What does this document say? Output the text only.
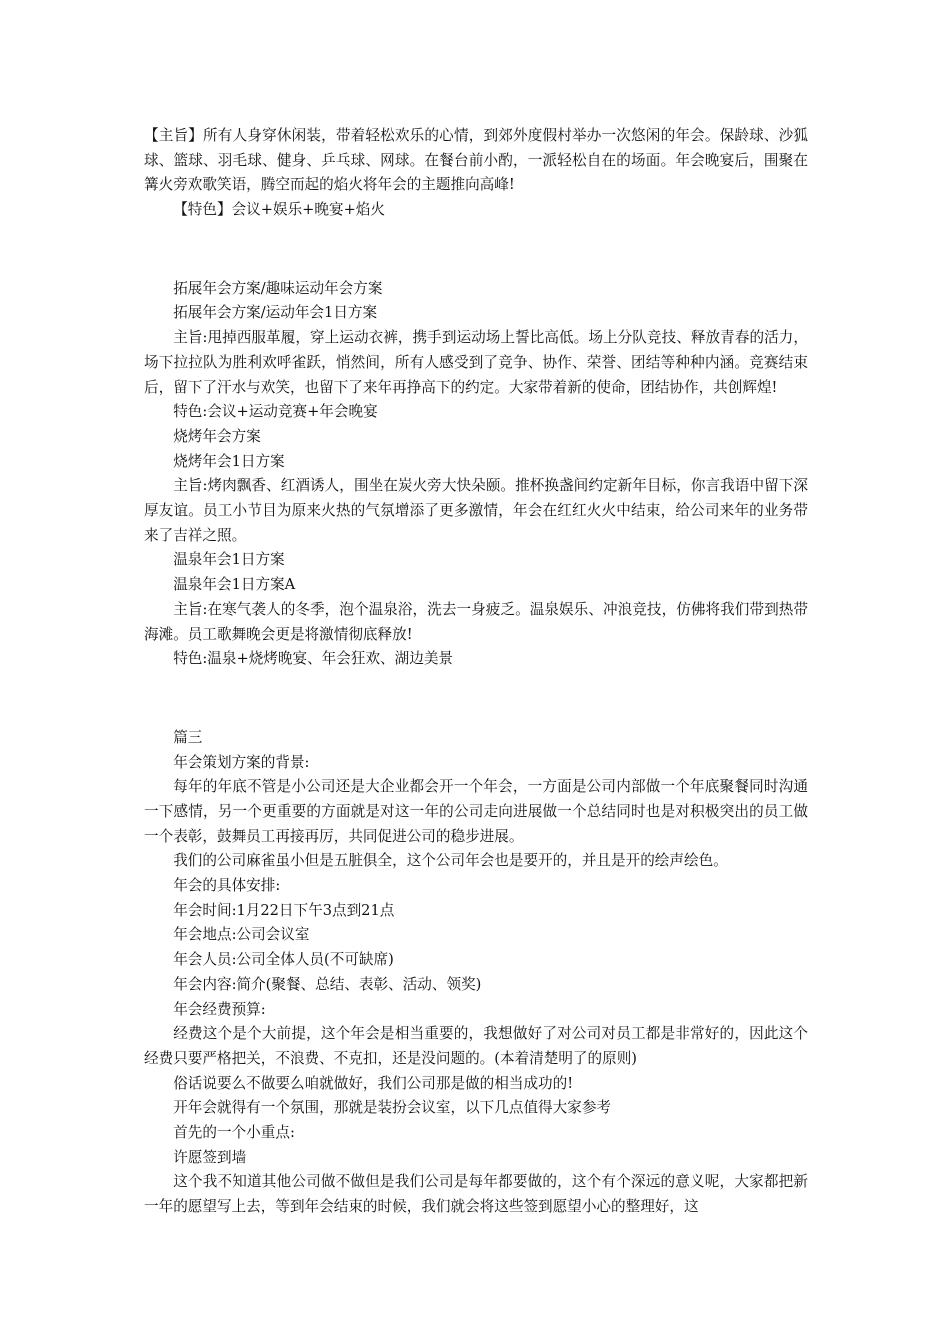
【主旨】所有人身穿休闲装，带着轻松欢乐的心情，到郊外度假村举办一次悠闲的年会。保龄球、沙狐球、篮球、羽毛球、健身、乒乓球、网球。在餐台前小酌，一派轻松自在的场面。年会晚宴后，围聚在篝火旁欢歌笑语，腾空而起的焰火将年会的主题推向高峰!

【特色】会议+娱乐+晚宴+焰火

拓展年会方案/趣味运动年会方案

拓展年会方案/运动年会1日方案

主旨:甩掉西服革履，穿上运动衣裤，携手到运动场上誓比高低。场上分队竞技、释放青春的活力，场下拉拉队为胜利欢呼雀跃，悄然间，所有人感受到了竞争、协作、荣誉、团结等种种内涵。竞赛结束后，留下了汗水与欢笑，也留下了来年再挣高下的约定。大家带着新的使命，团结协作，共创辉煌!

特色:会议+运动竞赛+年会晚宴

烧烤年会方案

烧烤年会1日方案

主旨:烤肉飘香、红酒诱人，围坐在炭火旁大快朵颐。推杯换盏间约定新年目标，你言我语中留下深厚友谊。员工小节目为原来火热的气氛增添了更多激情，年会在红红火火中结束，给公司来年的业务带来了吉祥之照。

温泉年会1日方案

温泉年会1日方案A

主旨:在寒气袭人的冬季，泡个温泉浴，洗去一身疲乏。温泉娱乐、冲浪竞技，仿佛将我们带到热带海滩。员工歌舞晚会更是将激情彻底释放!

特色:温泉+烧烤晚宴、年会狂欢、湖边美景

篇三

年会策划方案的背景:

每年的年底不管是小公司还是大企业都会开一个年会，一方面是公司内部做一个年底聚餐同时沟通一下感情，另一个更重要的方面就是对这一年的公司走向进展做一个总结同时也是对积极突出的员工做一个表彰，鼓舞员工再接再厉，共同促进公司的稳步进展。

我们的公司麻雀虽小但是五脏俱全，这个公司年会也是要开的，并且是开的绘声绘色。

年会的具体安排:

年会时间:1月22日下午3点到21点

年会地点:公司会议室

年会人员:公司全体人员(不可缺席)

年会内容:简介(聚餐、总结、表彰、活动、领奖)

年会经费预算:

经费这个是个大前提，这个年会是相当重要的，我想做好了对公司对员工都是非常好的，因此这个经费只要严格把关，不浪费、不克扣，还是没问题的。(本着清楚明了的原则)

俗话说要么不做要么咱就做好，我们公司那是做的相当成功的!

开年会就得有一个氛围，那就是装扮会议室，以下几点值得大家参考

首先的一个小重点:

许愿签到墙

这个我不知道其他公司做不做但是我们公司是每年都要做的，这个有个深远的意义呢，大家都把新一年的愿望写上去，等到年会结束的时候，我们就会将这些签到愿望小心的整理好，这
